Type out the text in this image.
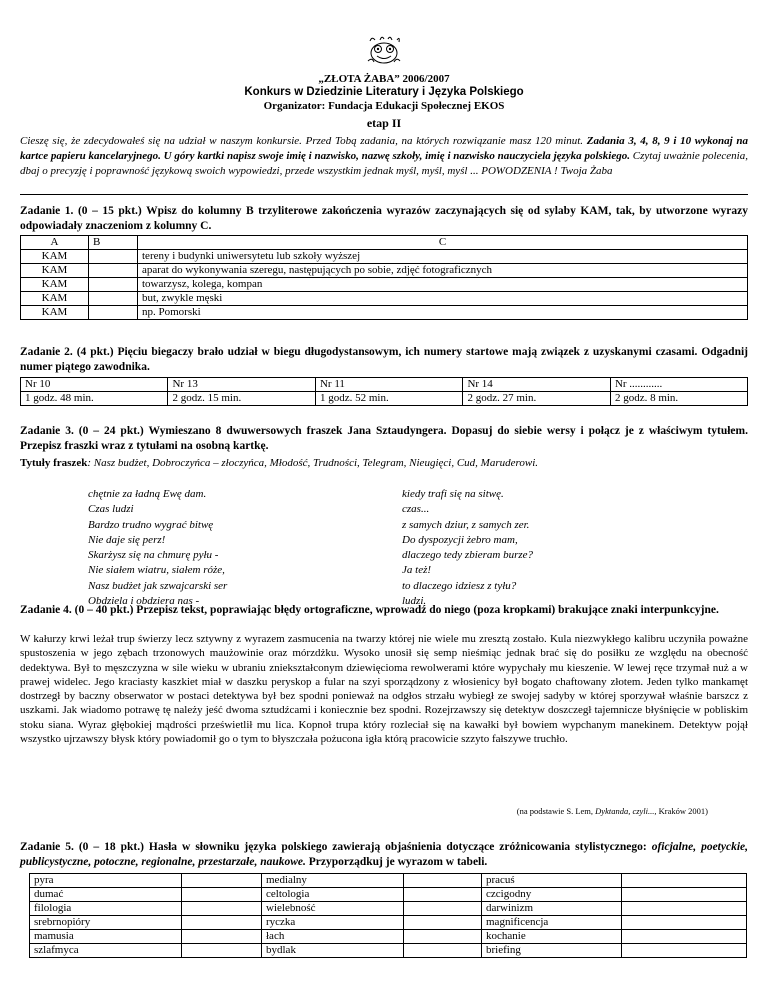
„ZŁOTA ŻABA” 2006/2007
Konkurs w Dziedzinie Literatury i Języka Polskiego
Organizator: Fundacja Edukacji Społecznej EKOS
etap II
Cieszę się, że zdecydowałeś się na udział w naszym konkursie. Przed Tobą zadania, na których rozwiązanie masz 120 minut. Zadania 3, 4, 8, 9 i 10 wykonaj na kartce papieru kancelaryjnego. U góry kartki napisz swoje imię i nazwisko, nazwę szkoły, imię i nazwisko nauczyciela języka polskiego. Czytaj uważnie polecenia, dbaj o precyzję i poprawność językową swoich wypowiedzi, przede wszystkim jednak myśl, myśl, myśl ... POWODZENIA ! Twoja Żaba
Zadanie 1. (0 – 15 pkt.) Wpisz do kolumny B trzyliterowe zakończenia wyrazów zaczynających się od sylaby KAM, tak, by utworzone wyrazy odpowiadały znaczeniom z kolumny C.
A	B	C
KAM		tereny i budynki uniwersytetu lub szkoły wyższej
KAM		aparat do wykonywania szeregu, następujących po sobie, zdjęć fotograficznych
KAM		towarzysz, kolega, kompan
KAM		but, zwykle męski
KAM		np. Pomorski
Zadanie 2. (4 pkt.) Pięciu biegaczy brało udział w biegu długodystansowym, ich numery startowe mają związek z uzyskanymi czasami. Odgadnij numer piątego zawodnika.
Nr 10	Nr 13	Nr 11	Nr 14	Nr ............
1 godz. 48 min.	2 godz. 15 min.	1 godz. 52 min.	2 godz. 27 min.	2 godz. 8 min.
Zadanie 3. (0 – 24 pkt.) Wymieszano 8 dwuwersowych fraszek Jana Sztaudyngera. Dopasuj do siebie wersy i połącz je z właściwym tytułem. Przepisz fraszki wraz z tytułami na osobną kartkę.
Tytuły fraszek: Nasz budżet, Dobroczyńca – złoczyńca, Młodość, Trudności, Telegram, Nieugięci, Cud, Maruderowi.
chętnie za ładną Ewę dam.
Czas ludzi
Bardzo trudno wygrać bitwę
Nie daje się perz!
Skarżysz się na chmurę pyłu -
Nie siałem wiatru, siałem róże,
Nasz budżet jak szwajcarski ser
Obdziela i obdziera nas -
kiedy trafi się na sitwę.
czas...
z samych dziur, z samych zer.
Do dyspozycji żebro mam,
dlaczego tedy zbieram burze?
Ja też!
to dlaczego idziesz z tyłu?
ludzi.
Zadanie 4. (0 – 40 pkt.) Przepisz tekst, poprawiając błędy ortograficzne, wprowadź do niego (poza kropkami) brakujące znaki interpunkcyjne.
W kałurzy krwi leżał trup świerzy lecz sztywny z wyrazem zasmucenia na twarzy której nie wiele mu zresztą zostało. Kula niezwykłego kalibru uczyniła poważne spustoszenia w jego zębach trzonowych maużowinie oraz mórzdżku. Wysoko unosił się semp nieśmiąc jednak brać się do posiłku ze względu na obecność dedektywa. Był to męszczyzna w sile wieku w ubraniu zniekształconym dziewięcioma rewolwerami które wypychały mu kieszenie. W lewej ręce trzymał nuż a w prawej widelec. Jego kraciasty kaszkiet miał w daszku peryskop a fular na szyi sporządzony z włosienicy był bogato chaftowany złotem. Jeden tylko mankamęt dostrzegł by baczny obserwator w postaci detektywa był bez spodni ponieważ na odgłos strzału wybiegł ze swojej sadyby w której sporzywał właśnie barszcz z uszkami. Jak wiadomo potrawę tę należy jeść dwoma sztudźcami i koniecznie bez spodni. Rozejrzawszy się detektyw doszczegł tajemnicze błyśnięcie w pobliskim stoku siana. Wyraz głębokiej mądrości prześwietlił mu lica. Kopnoł trupa który rozleciał się na kawałki był bowiem wypchanym manekinem. Detektyw pojął wszystko ujrzawszy błysk który powiadomił go o tym to błyszczała pożucona igła którą pracowicie szzyto fałszywe truchło.
(na podstawie S. Lem, Dyktanda, czyli..., Kraków 2001)
Zadanie 5. (0 – 18 pkt.) Hasła w słowniku języka polskiego zawierają objaśnienia dotyczące zróżnicowania stylistycznego: oficjalne, poetyckie, publicystyczne, potoczne, regionalne, przestarzałe, naukowe. Przyporządkuj je wyrazom w tabeli.
pyra		medialny		pracuś	
dumać		celtologia		czcigodny	
filologia		wielebność		darwinizm	
srebrnopióry		ryczka		magnificencja	
mamusia		łach		kochanie	
szlafmyca		bydlak		briefing	
